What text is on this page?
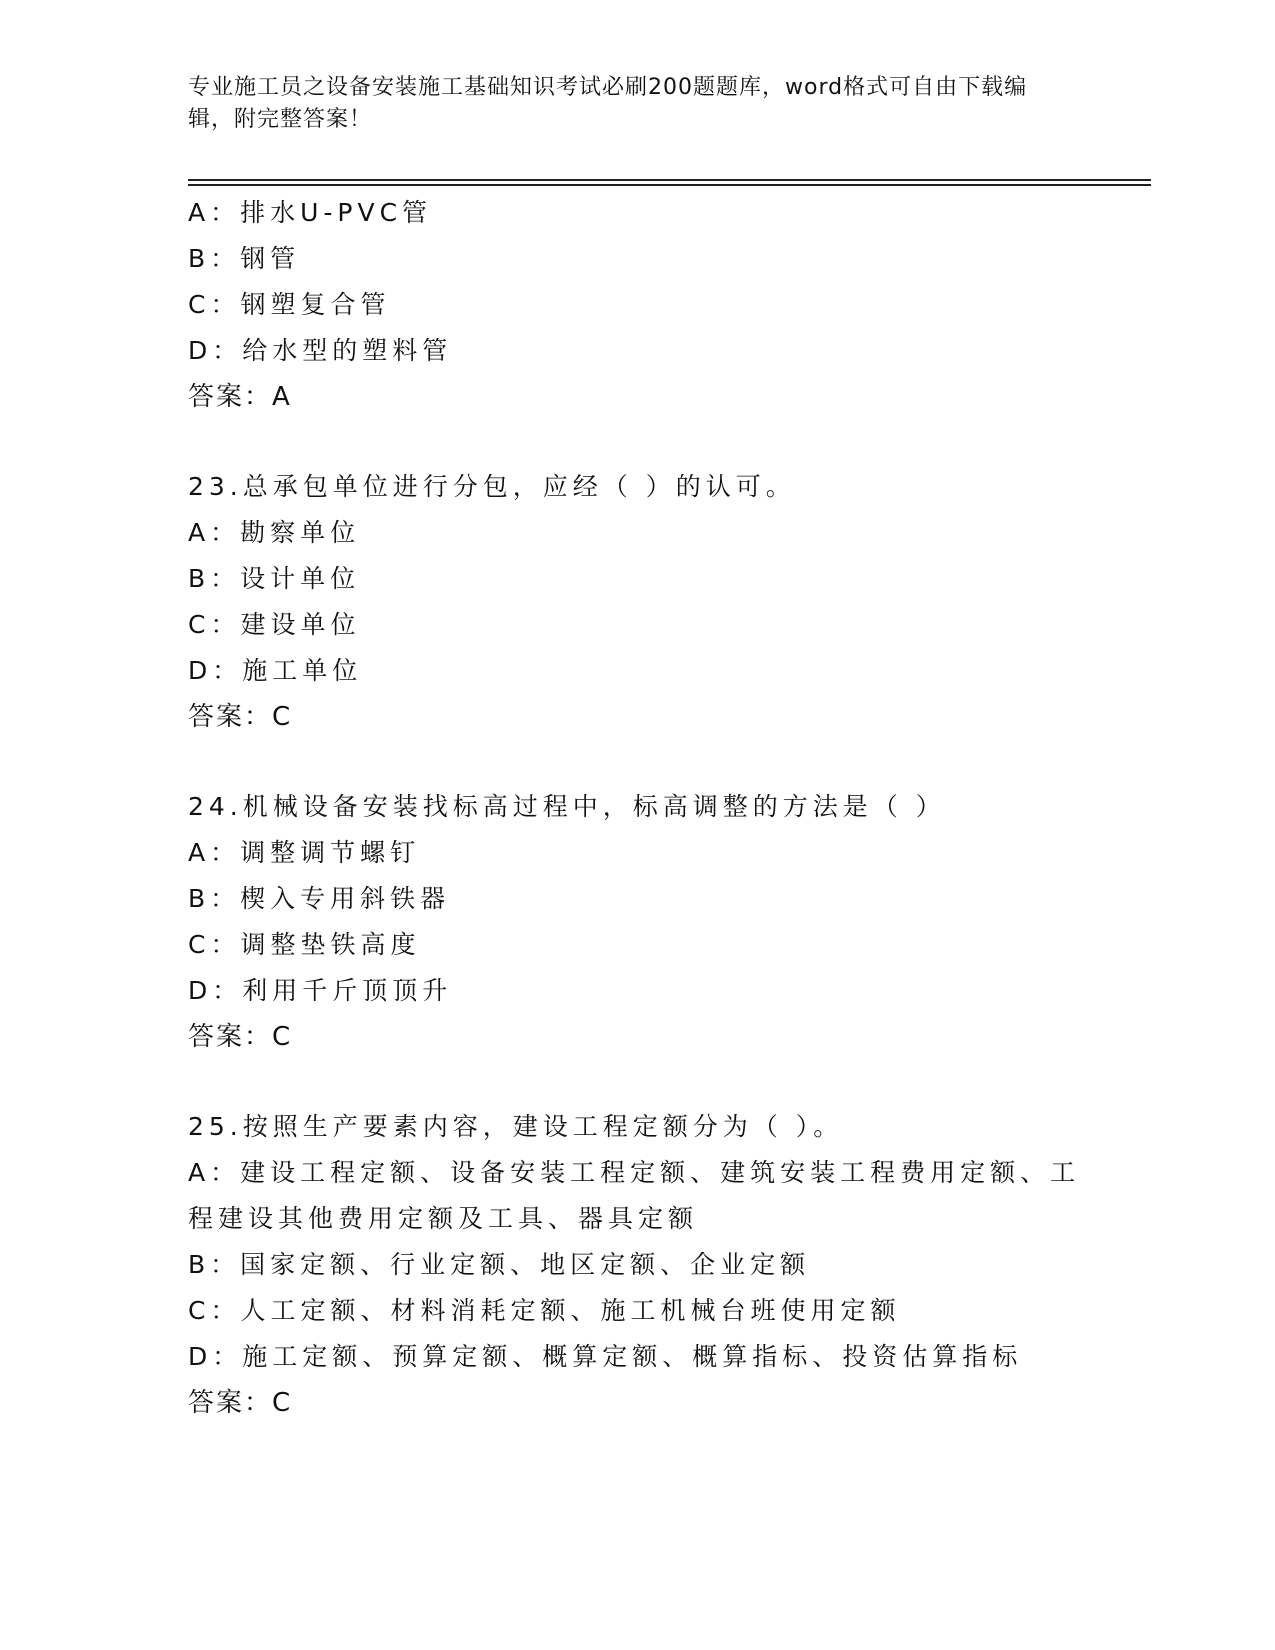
专业施工员之设备安装施工基础知识考试必刷200题题库，word格式可自由下载编辑，附完整答案！
A：排水U-PVC管
B：钢管
C：钢塑复合管
D：给水型的塑料管
答案：A
23.总承包单位进行分包，应经（ ）的认可。
A：勘察单位
B：设计单位
C：建设单位
D：施工单位
答案：C
24.机械设备安装找标高过程中，标高调整的方法是（ ）
A：调整调节螺钉
B：楔入专用斜铁器
C：调整垫铁高度
D：利用千斤顶顶升
答案：C
25.按照生产要素内容，建设工程定额分为（ ）。
A：建设工程定额、设备安装工程定额、建筑安装工程费用定额、工程建设其他费用定额及工具、器具定额
B：国家定额、行业定额、地区定额、企业定额
C：人工定额、材料消耗定额、施工机械台班使用定额
D：施工定额、预算定额、概算定额、概算指标、投资估算指标
答案：C
